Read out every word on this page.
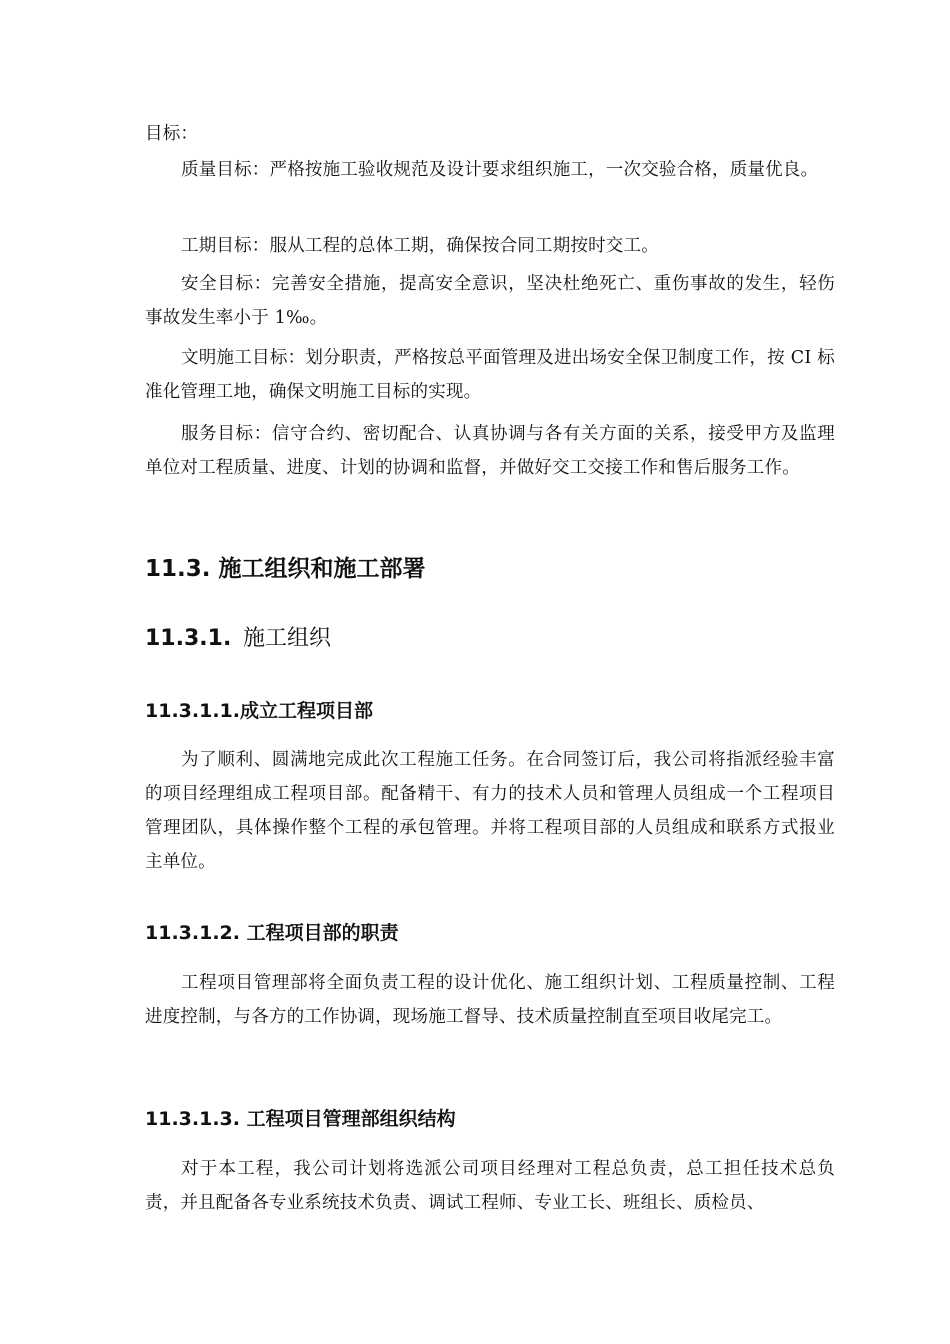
目标：

质量目标：严格按施工验收规范及设计要求组织施工，一次交验合格，质量优良。

工期目标：服从工程的总体工期，确保按合同工期按时交工。

安全目标：完善安全措施，提高安全意识，坚决杜绝死亡、重伤事故的发生，轻伤事故发生率小于 1‰。

文明施工目标：划分职责，严格按总平面管理及进出场安全保卫制度工作，按 CI 标准化管理工地，确保文明施工目标的实现。

服务目标：信守合约、密切配合、认真协调与各有关方面的关系，接受甲方及监理单位对工程质量、进度、计划的协调和监督，并做好交工交接工作和售后服务工作。

11.3. 施工组织和施工部署
11.3.1. 施工组织
11.3.1.1.成立工程项目部

为了顺利、圆满地完成此次工程施工任务。在合同签订后，我公司将指派经验丰富的项目经理组成工程项目部。配备精干、有力的技术人员和管理人员组成一个工程项目管理团队，具体操作整个工程的承包管理。并将工程项目部的人员组成和联系方式报业主单位。

11.3.1.2. 工程项目部的职责

工程项目管理部将全面负责工程的设计优化、施工组织计划、工程质量控制、工程进度控制，与各方的工作协调，现场施工督导、技术质量控制直至项目收尾完工。

11.3.1.3. 工程项目管理部组织结构

对于本工程，我公司计划将选派公司项目经理对工程总负责，总工担任技术总负责，并且配备各专业系统技术负责、调试工程师、专业工长、班组长、质检员、
